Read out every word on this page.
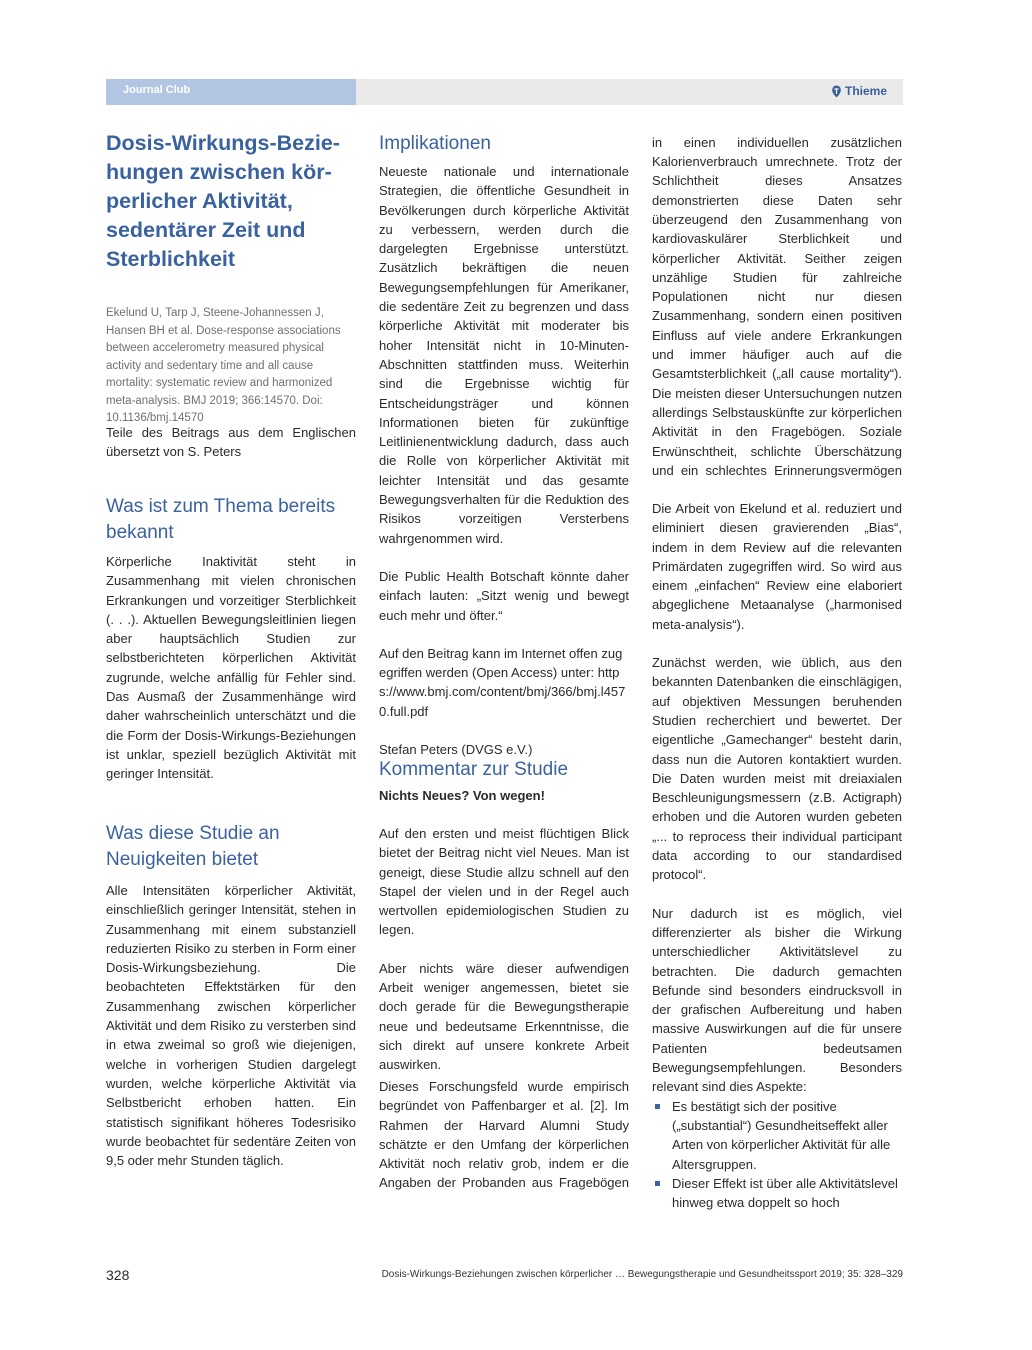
Journal Club	Thieme
Dosis-Wirkungs-Bezie-hungen zwischen kör-perlicher Aktivität, sedentärer Zeit und Sterblichkeit

Ekelund U, Tarp J, Steene-Johannessen J, Hansen BH et al. Dose-response associations between accelerometry measured physical activity and sedentary time and all cause mortality: systematic review and harmonized meta-analysis. BMJ 2019; 366:14570. Doi: 10.1136/bmj.14570

Teile des Beitrags aus dem Englischen übersetzt von S. Peters

Was ist zum Thema bereits bekannt

Körperliche Inaktivität steht in Zusammenhang mit vielen chronischen Erkrankungen und vorzeitiger Sterblichkeit (. . .). Aktuellen Bewegungsleitlinien liegen aber hauptsächlich Studien zur selbstberichteten körperlichen Aktivität zugrunde, welche anfällig für Fehler sind. Das Ausmaß der Zusammenhänge wird daher wahrscheinlich unterschätzt und die die Form der Dosis-Wirkungs-Beziehungen ist unklar, speziell bezüglich Aktivität mit geringer Intensität.

Was diese Studie an Neuigkeiten bietet

Alle Intensitäten körperlicher Aktivität, einschließlich geringer Intensität, stehen in Zusammenhang mit einem substanziell reduzierten Risiko zu sterben in Form einer Dosis-Wirkungsbeziehung. Die beobachteten Effektstärken für den Zusammenhang zwischen körperlicher Aktivität und dem Risiko zu versterben sind in etwa zweimal so groß wie diejenigen, welche in vorherigen Studien dargelegt wurden, welche körperliche Aktivität via Selbstbericht erhoben hatten. Ein statistisch signifikant höheres Todesrisiko wurde beobachtet für sedentäre Zeiten von 9,5 oder mehr Stunden täglich.

Implikationen

Neueste nationale und internationale Strategien, die öffentliche Gesundheit in Bevölkerungen durch körperliche Aktivität zu verbessern, werden durch die dargelegten Ergebnisse unterstützt. Zusätzlich bekräftigen die neuen Bewegungsempfehlungen für Amerikaner, die sedentäre Zeit zu begrenzen und dass körperliche Aktivität mit moderater bis hoher Intensität nicht in 10-Minuten-Abschnitten stattfinden muss. Weiterhin sind die Ergebnisse wichtig für Entscheidungsträger und können Informationen bieten für zukünftige Leitlinienentwicklung dadurch, dass auch die Rolle von körperlicher Aktivität mit leichter Intensität und das gesamte Bewegungsverhalten für die Reduktion des Risikos vorzeitigen Versterbens wahrgenommen wird.

Die Public Health Botschaft könnte daher einfach lauten: „Sitzt wenig und bewegt euch mehr und öfter.“

Auf den Beitrag kann im Internet offen zugegriffen werden (Open Access) unter: https://www.bmj.com/content/bmj/366/bmj.l4570.full.pdf

Stefan Peters (DVGS e.V.)

Kommentar zur Studie

Nichts Neues? Von wegen!

Auf den ersten und meist flüchtigen Blick bietet der Beitrag nicht viel Neues. Man ist geneigt, diese Studie allzu schnell auf den Stapel der vielen und in der Regel auch wertvollen epidemiologischen Studien zu legen.

Aber nichts wäre dieser aufwendigen Arbeit weniger angemessen, bietet sie doch gerade für die Bewegungstherapie neue und bedeutsame Erkenntnisse, die sich direkt auf unsere konkrete Arbeit auswirken.

Dieses Forschungsfeld wurde empirisch begründet von Paffenbarger et al. [2]. Im Rahmen der Harvard Alumni Study schätzte er den Umfang der körperlichen Aktivität noch relativ grob, indem er die Angaben der Probanden aus Fragebögen

in einen individuellen zusätzlichen Kalorienverbrauch umrechnete. Trotz der Schlichtheit dieses Ansatzes demonstrierten diese Daten sehr überzeugend den Zusammenhang von kardiovaskulärer Sterblichkeit und körperlicher Aktivität. Seither zeigen unzählige Studien für zahlreiche Populationen nicht nur diesen Zusammenhang, sondern einen positiven Einfluss auf viele andere Erkrankungen und immer häufiger auch auf die Gesamtsterblichkeit („all cause mortality“). Die meisten dieser Untersuchungen nutzen allerdings Selbstauskünfte zur körperlichen Aktivität in den Fragebögen. Soziale Erwünschtheit, schlichte Überschätzung und ein schlechtes Erinnerungsvermögen

Die Arbeit von Ekelund et al. reduziert und eliminiert diesen gravierenden „Bias“, indem in dem Review auf die relevanten Primärdaten zugegriffen wird. So wird aus einem „einfachen“ Review eine elaboriert abgeglichene Metaanalyse („harmonised meta-analysis“).

Zunächst werden, wie üblich, aus den bekannten Datenbanken die einschlägigen, auf objektiven Messungen beruhenden Studien recherchiert und bewertet. Der eigentliche „Gamechanger“ besteht darin, dass nun die Autoren kontaktiert wurden. Die Daten wurden meist mit dreiaxialen Beschleunigungsmessern (z.B. Actigraph) erhoben und die Autoren wurden gebeten „... to reprocess their individual participant data according to our standardised protocol“.

Nur dadurch ist es möglich, viel differenzierter als bisher die Wirkung unterschiedlicher Aktivitätslevel zu betrachten. Die dadurch gemachten Befunde sind besonders eindrucksvoll in der grafischen Aufbereitung und haben massive Auswirkungen auf die für unsere Patienten bedeutsamen Bewegungsempfehlungen. Besonders relevant sind dies Aspekte:

Es bestätigt sich der positive („substantial“) Gesundheitseffekt aller Arten von körperlicher Aktivität für alle Altersgruppen.
Dieser Effekt ist über alle Aktivitätslevel hinweg etwa doppelt so hoch
328	Dosis-Wirkungs-Beziehungen zwischen körperlicher … Bewegungstherapie und Gesundheitssport 2019; 35: 328–329
